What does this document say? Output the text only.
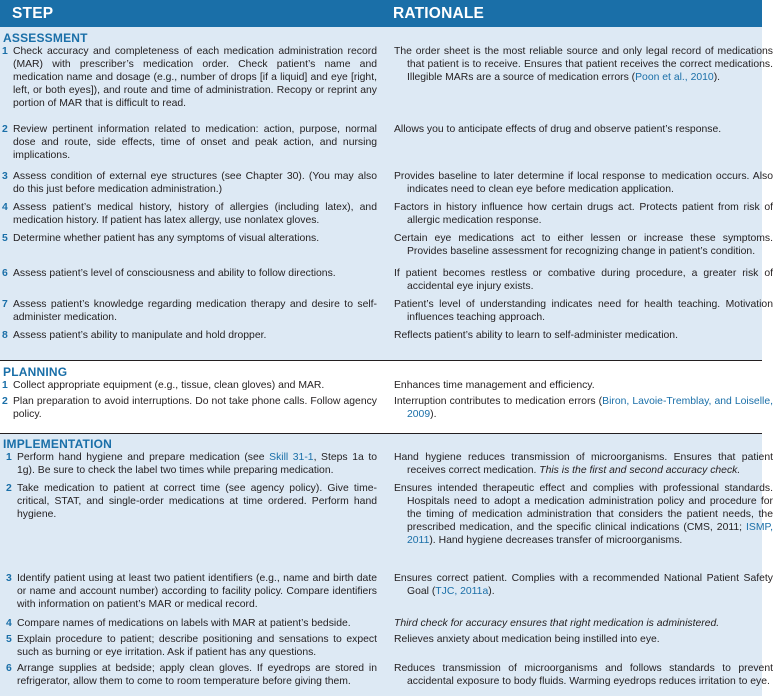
STEP	RATIONALE
ASSESSMENT
1 Check accuracy and completeness of each medication administration record (MAR) with prescriber’s medication order. Check patient’s name and medication name and dosage (e.g., number of drops [if a liquid] and eye [right, left, or both eyes]), and route and time of administration. Recopy or reprint any portion of MAR that is difficult to read.
The order sheet is the most reliable source and only legal record of medications that patient is to receive. Ensures that patient receives the correct medications. Illegible MARs are a source of medication errors (Poon et al., 2010).
2 Review pertinent information related to medication: action, purpose, normal dose and route, side effects, time of onset and peak action, and nursing implications.
Allows you to anticipate effects of drug and observe patient’s response.
3 Assess condition of external eye structures (see Chapter 30). (You may also do this just before medication administration.)
Provides baseline to later determine if local response to medication occurs. Also indicates need to clean eye before medication application.
4 Assess patient’s medical history, history of allergies (including latex), and medication history. If patient has latex allergy, use nonlatex gloves.
Factors in history influence how certain drugs act. Protects patient from risk of allergic medication response.
5 Determine whether patient has any symptoms of visual alterations.	Certain eye medications act to either lessen or increase these symptoms. Provides baseline assessment for recognizing change in patient’s condition.
6 Assess patient’s level of consciousness and ability to follow directions.	If patient becomes restless or combative during procedure, a greater risk of accidental eye injury exists.
7 Assess patient’s knowledge regarding medication therapy and desire to self-administer medication.
Patient’s level of understanding indicates need for health teaching. Motivation influences teaching approach.
8 Assess patient’s ability to manipulate and hold dropper.	Reflects patient’s ability to learn to self-administer medication.
PLANNING
1 Collect appropriate equipment (e.g., tissue, clean gloves) and MAR.	Enhances time management and efficiency.
2 Plan preparation to avoid interruptions. Do not take phone calls. Follow agency policy.
Interruption contributes to medication errors (Biron, Lavoie-Tremblay, and Loiselle, 2009).
IMPLEMENTATION
1 Perform hand hygiene and prepare medication (see Skill 31-1, Steps 1a to 1g). Be sure to check the label two times while preparing medication.
Hand hygiene reduces transmission of microorganisms. Ensures that patient receives correct medication. This is the first and second accuracy check.
2 Take medication to patient at correct time (see agency policy). Give time-critical, STAT, and single-order medications at time ordered. Perform hand hygiene.
Ensures intended therapeutic effect and complies with professional standards. Hospitals need to adopt a medication administration policy and procedure for the timing of medication administration that considers the patient needs, the prescribed medication, and the specific clinical indications (CMS, 2011; ISMP, 2011). Hand hygiene decreases transfer of microorganisms.
3 Identify patient using at least two patient identifiers (e.g., name and birth date or name and account number) according to facility policy. Compare identifiers with information on patient’s MAR or medical record.
Ensures correct patient. Complies with a recommended National Patient Safety Goal (TJC, 2011a).
4 Compare names of medications on labels with MAR at patient’s bedside.	Third check for accuracy ensures that right medication is administered.
5 Explain procedure to patient; describe positioning and sensations to expect such as burning or eye irritation. Ask if patient has any questions.
Relieves anxiety about medication being instilled into eye.
6 Arrange supplies at bedside; apply clean gloves. If eyedrops are stored in refrigerator, allow them to come to room temperature before giving them.
Reduces transmission of microorganisms and follows standards to prevent accidental exposure to body fluids. Warming eyedrops reduces irritation to eye.
